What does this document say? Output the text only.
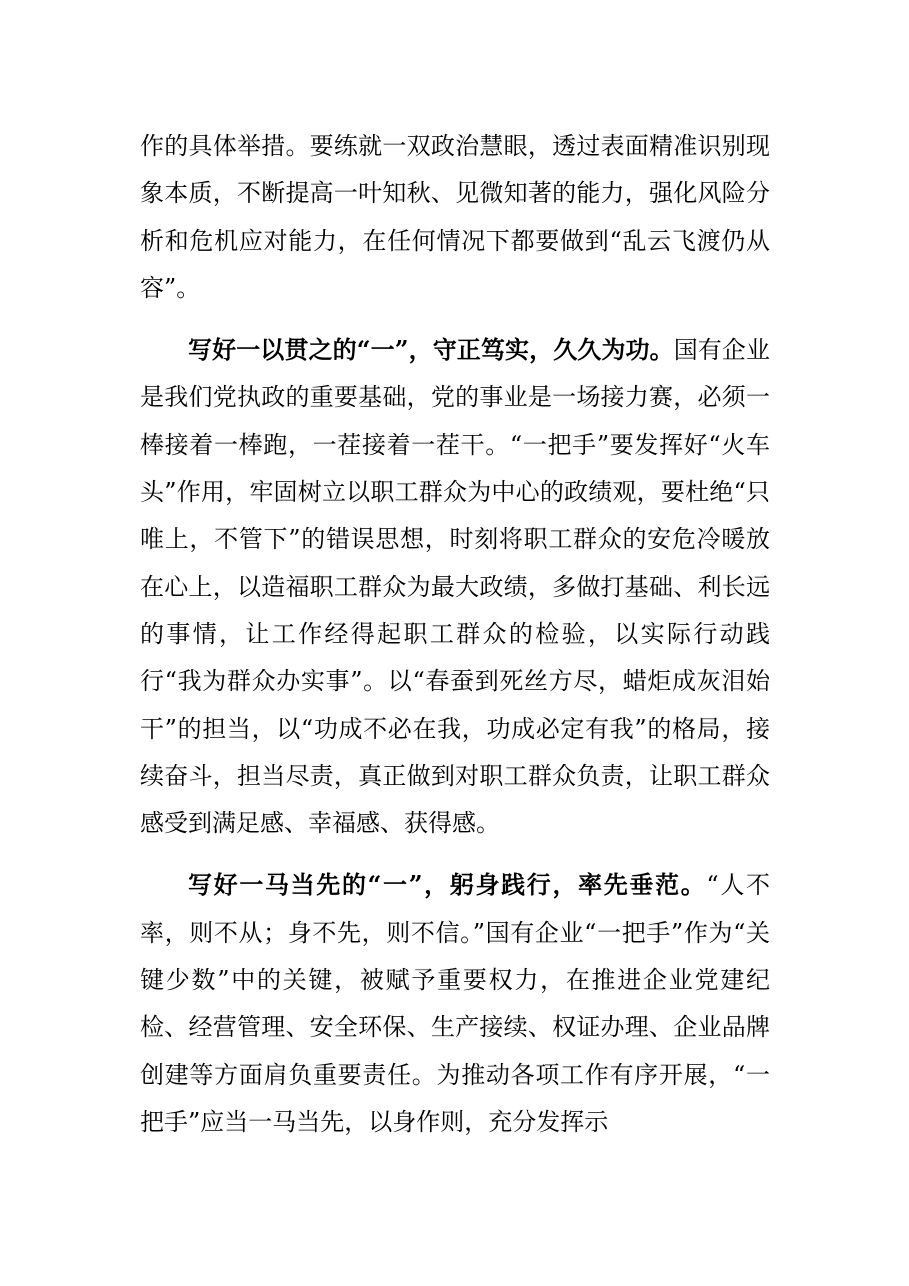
作的具体举措。要练就一双政治慧眼，透过表面精准识别现象本质，不断提高一叶知秋、见微知著的能力，强化风险分析和危机应对能力，在任何情况下都要做到“乱云飞渡仍从容”。

写好一以贯之的“一”，守正笃实，久久为功。国有企业是我们党执政的重要基础，党的事业是一场接力赛，必须一棒接着一棒跑，一茬接着一茬干。“一把手”要发挥好“火车头”作用，牢固树立以职工群众为中心的政绩观，要杜绝“只唯上，不管下”的错误思想，时刻将职工群众的安危冷暖放在心上，以造福职工群众为最大政绩，多做打基础、利长远的事情，让工作经得起职工群众的检验，以实际行动践行“我为群众办实事”。以“春蚕到死丝方尽，蜡炬成灰泪始干”的担当，以“功成不必在我，功成必定有我”的格局，接续奋斗，担当尽责，真正做到对职工群众负责，让职工群众感受到满足感、幸福感、获得感。

写好一马当先的“一”，躬身践行，率先垂范。“人不率，则不从；身不先，则不信。”国有企业“一把手”作为“关键少数”中的关键，被赋予重要权力，在推进企业党建纪检、经营管理、安全环保、生产接续、权证办理、企业品牌创建等方面肩负重要责任。为推动各项工作有序开展，“一把手”应当一马当先，以身作则，充分发挥示
